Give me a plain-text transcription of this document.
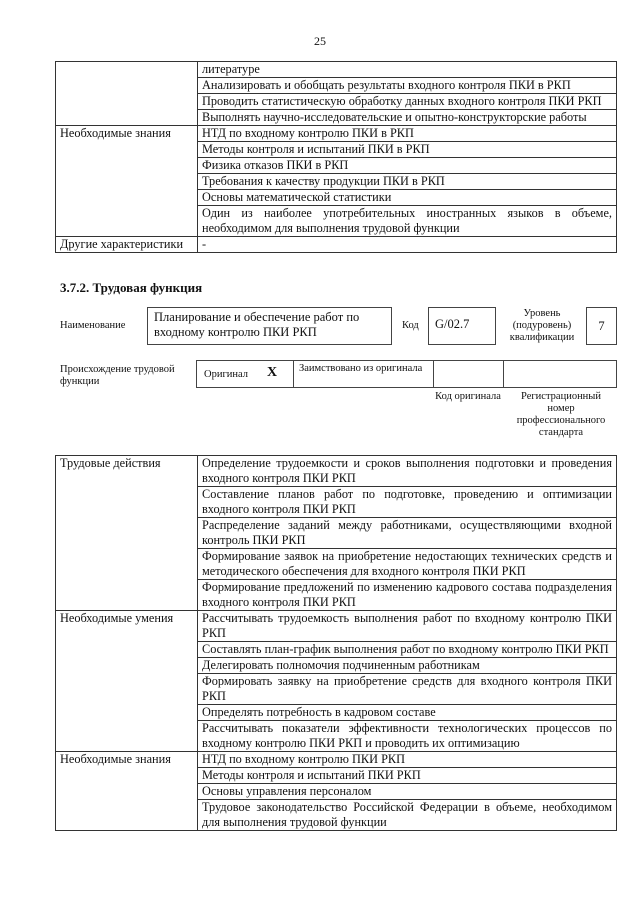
25
	литературе
	Анализировать и обобщать результаты входного контроля ПКИ в РКП
	Проводить статистическую обработку данных входного контроля ПКИ РКП
	Выполнять научно-исследовательские и опытно-конструкторские работы
Необходимые знания	НТД по входному контролю ПКИ в РКП
	Методы контроля и испытаний ПКИ в РКП
	Физика отказов ПКИ в РКП
	Требования к качеству продукции ПКИ в РКП
	Основы математической статистики
	Один из наиболее употребительных иностранных языков в объеме, необходимом для выполнения трудовой функции
Другие характеристики	-
3.7.2. Трудовая функция
Наименование
Планирование и обеспечение работ по входному контролю ПКИ РКП	Код	G/02.7
Уровень (подуровень) квалификации
7
Происхождение трудовой функции
Оригинал X Заимствовано из оригинала
Код оригинала	Регистрационный номер профессионального стандарта
Трудовые действия	Определение трудоемкости и сроков выполнения подготовки и проведения входного контроля ПКИ РКП
	Составление планов работ по подготовке, проведению и оптимизации входного контроля ПКИ РКП
	Распределение заданий между работниками, осуществляющими входной контроль ПКИ РКП
	Формирование заявок на приобретение недостающих технических средств и методического обеспечения для входного контроля ПКИ РКП
	Формирование предложений по изменению кадрового состава подразделения входного контроля ПКИ РКП
Необходимые умения	Рассчитывать трудоемкость выполнения работ по входному контролю ПКИ РКП
	Составлять план-график выполнения работ по входному контролю ПКИ РКП
	Делегировать полномочия подчиненным работникам
	Формировать заявку на приобретение средств для входного контроля ПКИ РКП
	Определять потребность в кадровом составе
	Рассчитывать показатели эффективности технологических процессов по входному контролю ПКИ РКП и проводить их оптимизацию
Необходимые знания	НТД по входному контролю ПКИ РКП
	Методы контроля и испытаний ПКИ РКП
	Основы управления персоналом
	Трудовое законодательство Российской Федерации в объеме, необходимом для выполнения трудовой функции
